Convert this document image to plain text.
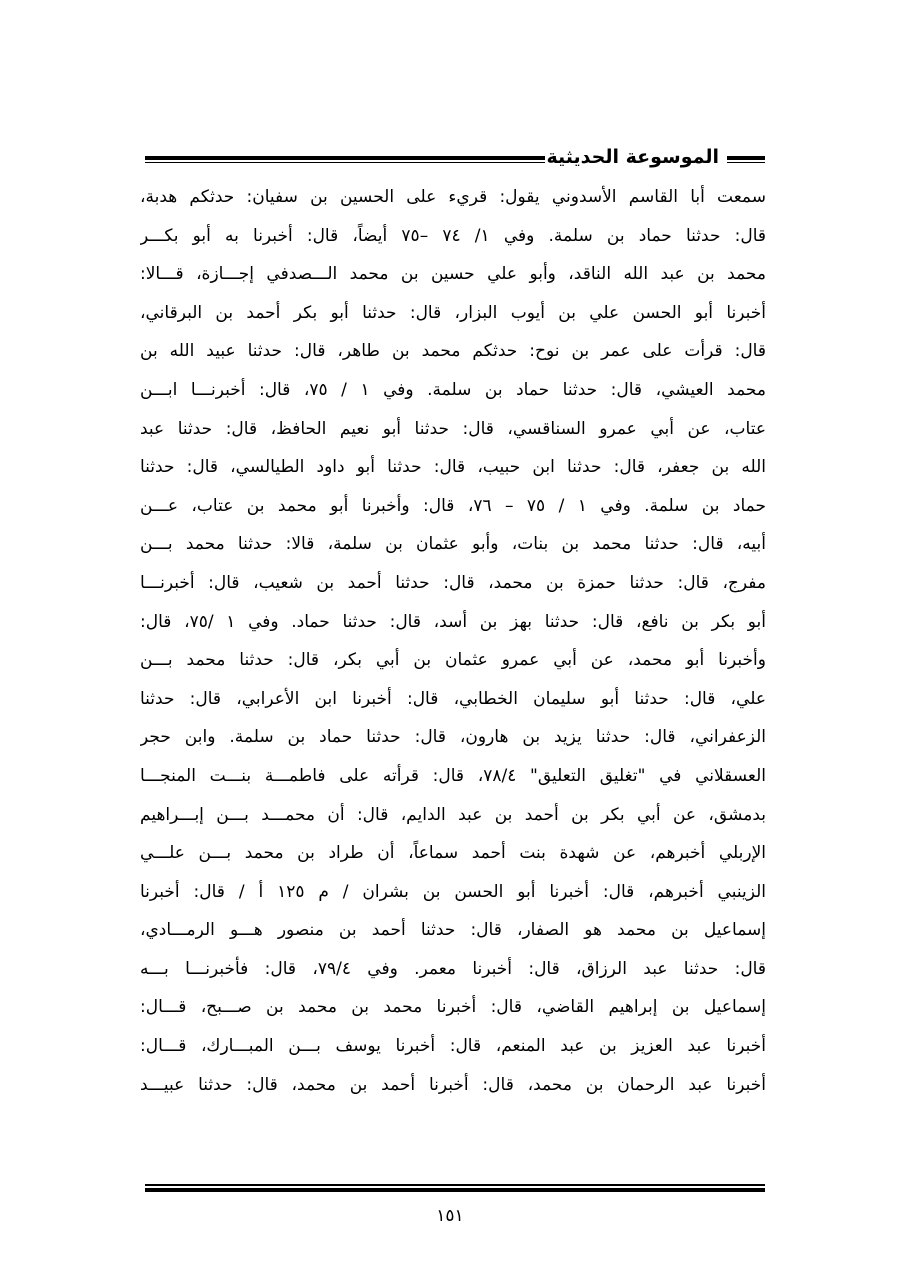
الموسوعة الحديثية
سمعت أبا القاسم الأسدوني يقول: قريء على الحسين بن سفيان: حدثكم هدبة،
قال: حدثنا حماد بن سلمة. وفي ١/ ٧٤ –٧٥ أيضاً، قال: أخبرنا به أبو بكـــر
محمد بن عبد الله الناقد، وأبو علي حسين بن محمد الـــصدفي إجـــازة، قـــالا:
أخبرنا أبو الحسن علي بن أيوب البزار، قال: حدثنا أبو بكر أحمد بن البرقاني،
قال: قرأت على عمر بن نوح: حدثكم محمد بن طاهر، قال: حدثنا عبيد الله بن
محمد العيشي، قال: حدثنا حماد بن سلمة. وفي ١ / ٧٥، قال: أخبرنـــا ابـــن
عتاب، عن أبي عمرو السناقسي، قال: حدثنا أبو نعيم الحافظ، قال: حدثنا عبد
الله بن جعفر، قال: حدثنا ابن حبيب، قال: حدثنا أبو داود الطيالسي، قال: حدثنا
حماد بن سلمة. وفي ١ / ٧٥ – ٧٦، قال: وأخبرنا أبو محمد بن عتاب، عـــن
أبيه، قال: حدثنا محمد بن بنات، وأبو عثمان بن سلمة، قالا: حدثنا محمد بـــن
مفرج، قال: حدثنا حمزة بن محمد، قال: حدثنا أحمد بن شعيب، قال: أخبرنـــا
أبو بكر بن نافع، قال: حدثنا بهز بن أسد، قال: حدثنا حماد. وفي ١ /٧٥، قال:
وأخبرنا أبو محمد، عن أبي عمرو عثمان بن أبي بكر، قال: حدثنا محمد بـــن
علي، قال: حدثنا أبو سليمان الخطابي، قال: أخبرنا ابن الأعرابي، قال: حدثنا
الزعفراني، قال: حدثنا يزيد بن هارون، قال: حدثنا حماد بن سلمة. وابن حجر
العسقلاني في "تغليق التعليق" ٧٨/٤، قال: قرأته على فاطمـــة بنـــت المنجـــا
بدمشق، عن أبي بكر بن أحمد بن عبد الدايم، قال: أن محمـــد بـــن إبـــراهيم
الإربلي أخبرهم، عن شهدة بنت أحمد سماعاً، أن طراد بن محمد بـــن علـــي
الزينبي أخبرهم، قال: أخبرنا أبو الحسن بن بشران / م ١٢٥ أ / قال: أخبرنا
إسماعيل بن محمد هو الصفار، قال: حدثنا أحمد بن منصور هـــو الرمـــادي،
قال: حدثنا عبد الرزاق، قال: أخبرنا معمر. وفي ٧٩/٤، قال: فأخبرنـــا بـــه
إسماعيل بن إبراهيم القاضي، قال: أخبرنا محمد بن محمد بن صـــبح، قـــال:
أخبرنا عبد العزيز بن عبد المنعم، قال: أخبرنا يوسف بـــن المبـــارك، قـــال:
أخبرنا عبد الرحمان بن محمد، قال: أخبرنا أحمد بن محمد، قال: حدثنا عبيـــد
١٥١
